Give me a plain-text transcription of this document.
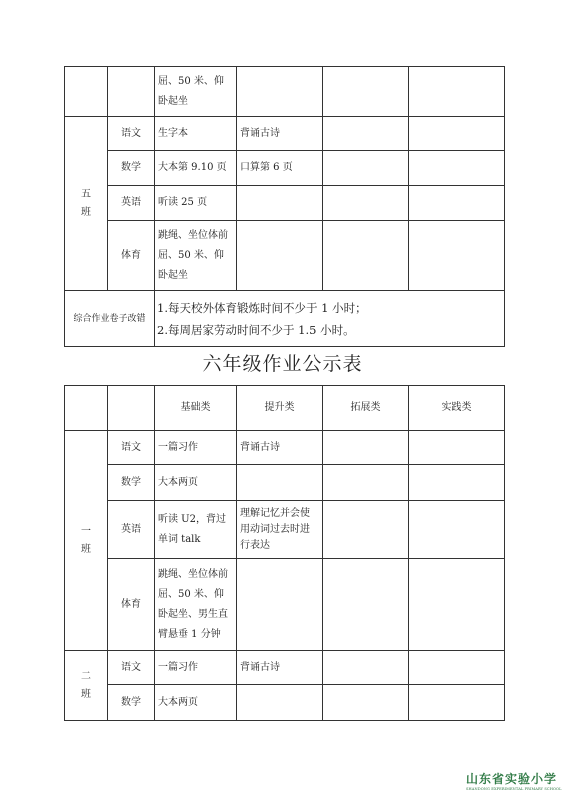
		屈、50 米、仰卧起坐			
五班	语文	生字本	背诵古诗		
	数学	大本第 9.10 页	口算第 6 页		
	英语	听读 25 页			
	体育	跳绳、坐位体前屈、50 米、仰卧起坐			
综合作业卷子改错		1.每天校外体育锻炼时间不少于 1 小时；
2.每周居家劳动时间不少于 1.5 小时。			
六年级作业公示表
		基础类	提升类	拓展类	实践类
一班	语文	一篇习作	背诵古诗		
	数学	大本两页			
	英语	听读 U2，背过单词 talk	理解记忆并会使用动词过去时进行表达		
	体育	跳绳、坐位体前屈、50 米、仰卧起坐、男生直臂悬垂 1 分钟			
二班	语文	一篇习作	背诵古诗		
	数学	大本两页			
山东省实验小学
SHANDONG EXPERIMENTAL PRIMARY SCHOOL
